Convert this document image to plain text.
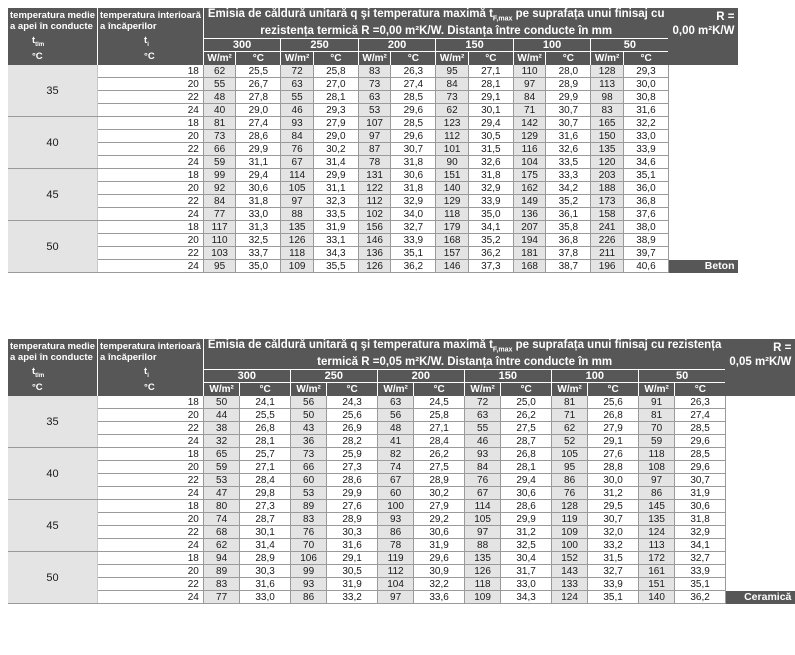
temperatura medie
a apei în conducte
$t_{tlm}$
°C	temperatura interioară
a încăperilor
$t_i$
°C	Emisia de căldură unitară q şi temperatura maximă $t_{F,max}$ pe suprafața unui finisaj cu
rezistența termică R =0,00 m²K/W. Distanța între conducte în mm												R =
0,00 m²K/W
		300		250		200		150		100		50		
		W/m²	°C	W/m²	°C	W/m²	°C	W/m²	°C	W/m²	°C	W/m²	°C	
35	18	62	25,5	72	25,8	83	26,3	95	27,1	110	28,0	128	29,3	
	20	55	26,7	63	27,0	73	27,4	84	28,1	97	28,9	113	30,0	
	22	48	27,8	55	28,1	63	28,5	73	29,1	84	29,9	98	30,8	
	24	40	29,0	46	29,3	53	29,6	62	30,1	71	30,7	83	31,6	
40	18	81	27,4	93	27,9	107	28,5	123	29,4	142	30,7	165	32,2	
	20	73	28,6	84	29,0	97	29,6	112	30,5	129	31,6	150	33,0	
	22	66	29,9	76	30,2	87	30,7	101	31,5	116	32,6	135	33,9	
	24	59	31,1	67	31,4	78	31,8	90	32,6	104	33,5	120	34,6	
45	18	99	29,4	114	29,9	131	30,6	151	31,8	175	33,3	203	35,1	
	20	92	30,6	105	31,1	122	31,8	140	32,9	162	34,2	188	36,0	
	22	84	31,8	97	32,3	112	32,9	129	33,9	149	35,2	173	36,8	
	24	77	33,0	88	33,5	102	34,0	118	35,0	136	36,1	158	37,6	
50	18	117	31,3	135	31,9	156	32,7	179	34,1	207	35,8	241	38,0	
	20	110	32,5	126	33,1	146	33,9	168	35,2	194	36,8	226	38,9	
	22	103	33,7	118	34,3	136	35,1	157	36,2	181	37,8	211	39,7	
	24	95	35,0	109	35,5	126	36,2	146	37,3	168	38,7	196	40,6	Beton
temperatura medie
a apei în conducte
$t_{tlm}$
°C	temperatura interioară
a încăperilor
$t_i$
°C	Emisia de căldură unitară q şi temperatura maximă $t_{F,max}$ pe suprafața unui finisaj cu rezistența
termică R =0,05 m²K/W. Distanța între conducte în mm												R =
0,05 m²K/W
		300		250		200		150		100		50		
		W/m²	°C	W/m²	°C	W/m²	°C	W/m²	°C	W/m²	°C	W/m²	°C	
35	18	50	24,1	56	24,3	63	24,5	72	25,0	81	25,6	91	26,3	
	20	44	25,5	50	25,6	56	25,8	63	26,2	71	26,8	81	27,4	
	22	38	26,8	43	26,9	48	27,1	55	27,5	62	27,9	70	28,5	
	24	32	28,1	36	28,2	41	28,4	46	28,7	52	29,1	59	29,6	
40	18	65	25,7	73	25,9	82	26,2	93	26,8	105	27,6	118	28,5	
	20	59	27,1	66	27,3	74	27,5	84	28,1	95	28,8	108	29,6	
	22	53	28,4	60	28,6	67	28,9	76	29,4	86	30,0	97	30,7	
	24	47	29,8	53	29,9	60	30,2	67	30,6	76	31,2	86	31,9	
45	18	80	27,3	89	27,6	100	27,9	114	28,6	128	29,5	145	30,6	
	20	74	28,7	83	28,9	93	29,2	105	29,9	119	30,7	135	31,8	
	22	68	30,1	76	30,3	86	30,6	97	31,2	109	32,0	124	32,9	
	24	62	31,4	70	31,6	78	31,9	88	32,5	100	33,2	113	34,1	
50	18	94	28,9	106	29,1	119	29,6	135	30,4	152	31,5	172	32,7	
	20	89	30,3	99	30,5	112	30,9	126	31,7	143	32,7	161	33,9	
	22	83	31,6	93	31,9	104	32,2	118	33,0	133	33,9	151	35,1	
	24	77	33,0	86	33,2	97	33,6	109	34,3	124	35,1	140	36,2	Ceramică
